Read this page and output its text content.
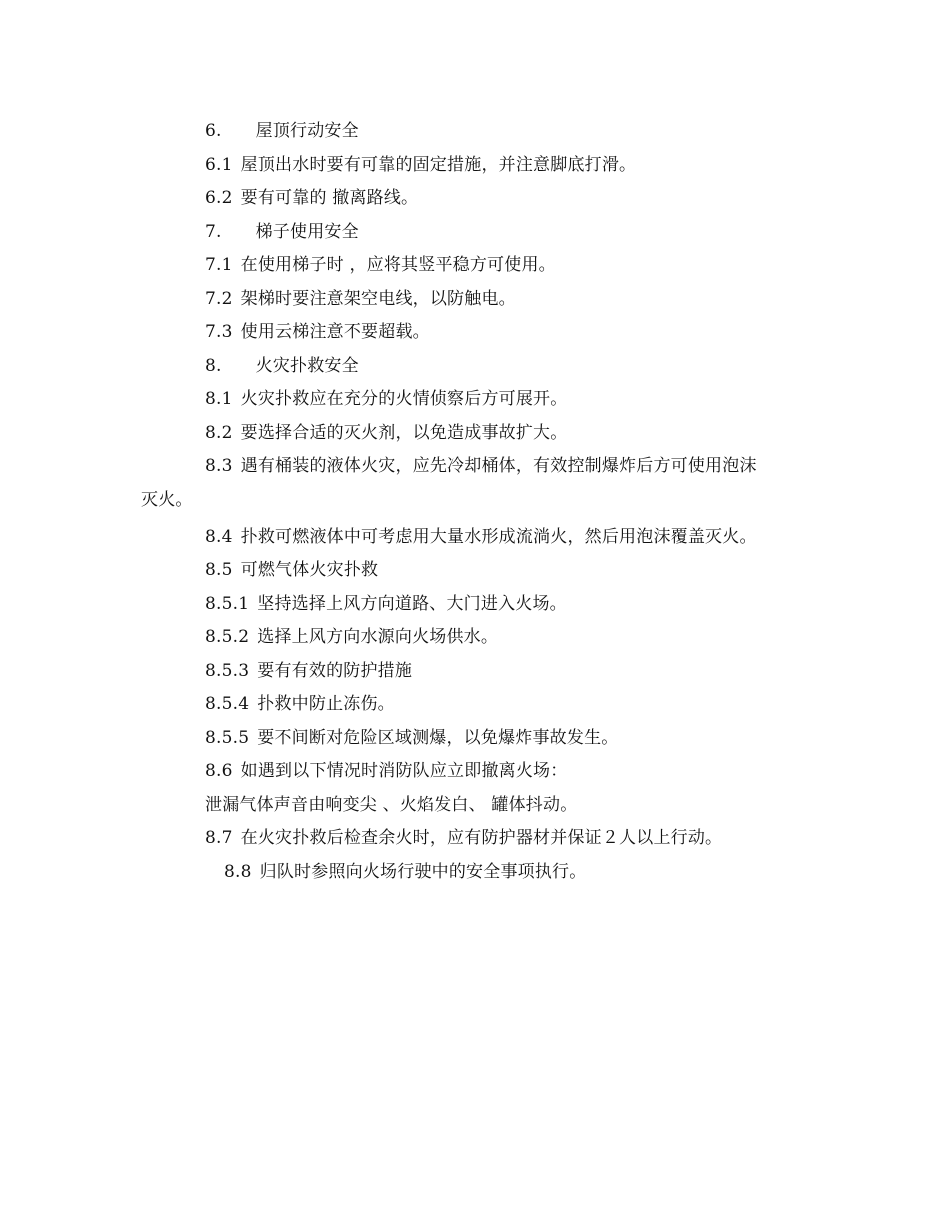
6. 屋顶行动安全
6.1 屋顶出水时要有可靠的固定措施，并注意脚底打滑。
6.2 要有可靠的 撤离路线。
7. 梯子使用安全
7.1 在使用梯子时 ，应将其竖平稳方可使用。
7.2 架梯时要注意架空电线，以防触电。
7.3 使用云梯注意不要超载。
8. 火灾扑救安全
8.1 火灾扑救应在充分的火情侦察后方可展开。
8.2 要选择合适的灭火剂，以免造成事故扩大。
8.3 遇有桶装的液体火灾，应先冷却桶体，有效控制爆炸后方可使用泡沫
灭火。
8.4 扑救可燃液体中可考虑用大量水形成流淌火，然后用泡沫覆盖灭火。
8.5 可燃气体火灾扑救
8.5.1 坚持选择上风方向道路、大门进入火场。
8.5.2 选择上风方向水源向火场供水。
8.5.3 要有有效的防护措施
8.5.4 扑救中防止冻伤。
8.5.5 要不间断对危险区域测爆，以免爆炸事故发生。
8.6 如遇到以下情况时消防队应立即撤离火场：
泄漏气体声音由响变尖 、火焰发白、 罐体抖动。
8.7 在火灾扑救后检查余火时，应有防护器材并保证２人以上行动。
8.8 归队时参照向火场行驶中的安全事项执行。
